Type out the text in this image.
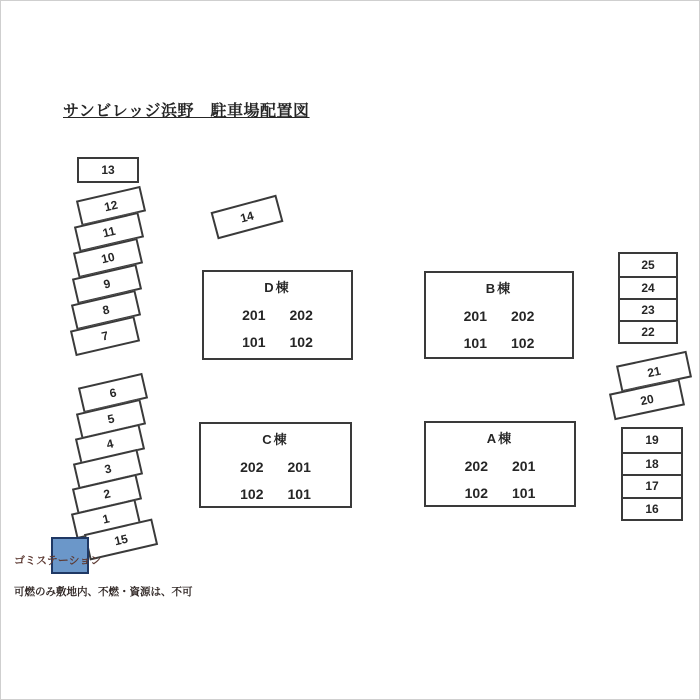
サンビレッジ浜野　駐車場配置図
13
12
11
10
9
8
7
6
5
4
3
2
1
15
14
21
20
25
24
23
22
19
18
17
16
D棟
201 202
101 102
B棟
201 202
101 102
C棟
202 201
102 101
A棟
202 201
102 101
ゴミステーション
可燃のみ敷地内、不燃・資源は、不可
